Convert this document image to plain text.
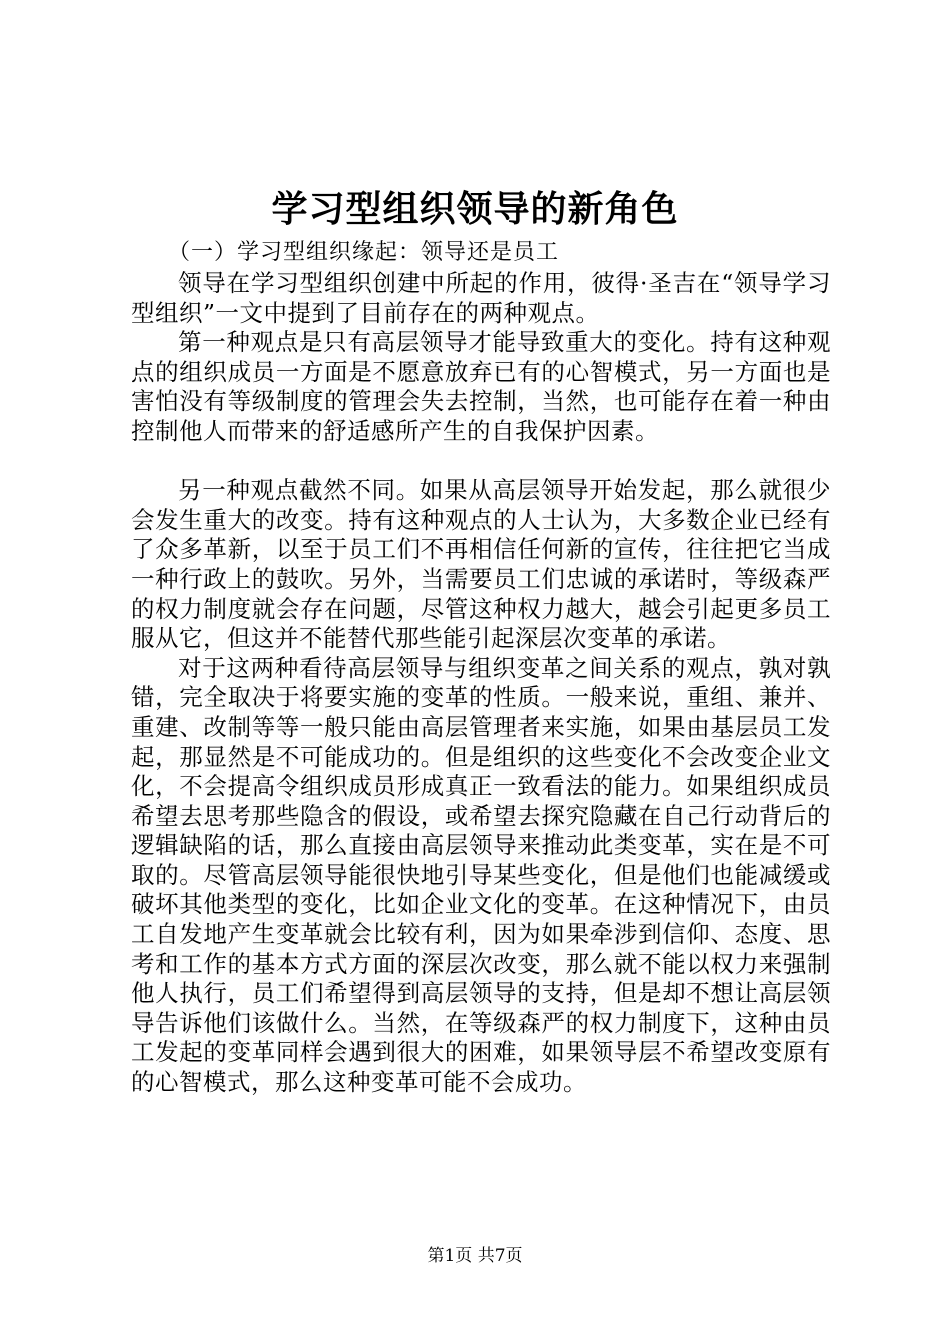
学习型组织领导的新角色
（一）学习型组织缘起：领导还是员工

领导在学习型组织创建中所起的作用，彼得·圣吉在“领导学习型组织”一文中提到了目前存在的两种观点。

第一种观点是只有高层领导才能导致重大的变化。持有这种观点的组织成员一方面是不愿意放弃已有的心智模式，另一方面也是害怕没有等级制度的管理会失去控制，当然，也可能存在着一种由控制他人而带来的舒适感所产生的自我保护因素。

另一种观点截然不同。如果从高层领导开始发起，那么就很少会发生重大的改变。持有这种观点的人士认为，大多数企业已经有了众多革新，以至于员工们不再相信任何新的宣传，往往把它当成一种行政上的鼓吹。另外，当需要员工们忠诚的承诺时，等级森严的权力制度就会存在问题，尽管这种权力越大，越会引起更多员工服从它，但这并不能替代那些能引起深层次变革的承诺。

对于这两种看待高层领导与组织变革之间关系的观点，孰对孰错，完全取决于将要实施的变革的性质。一般来说，重组、兼并、重建、改制等等一般只能由高层管理者来实施，如果由基层员工发起，那显然是不可能成功的。但是组织的这些变化不会改变企业文化，不会提高令组织成员形成真正一致看法的能力。如果组织成员希望去思考那些隐含的假设，或希望去探究隐藏在自己行动背后的逻辑缺陷的话，那么直接由高层领导来推动此类变革，实在是不可取的。尽管高层领导能很快地引导某些变化，但是他们也能减缓或破坏其他类型的变化，比如企业文化的变革。在这种情况下，由员工自发地产生变革就会比较有利，因为如果牵涉到信仰、态度、思考和工作的基本方式方面的深层次改变，那么就不能以权力来强制他人执行，员工们希望得到高层领导的支持，但是却不想让高层领导告诉他们该做什么。当然，在等级森严的权力制度下，这种由员工发起的变革同样会遇到很大的困难，如果领导层不希望改变原有的心智模式，那么这种变革可能不会成功。

第1页 共7页
